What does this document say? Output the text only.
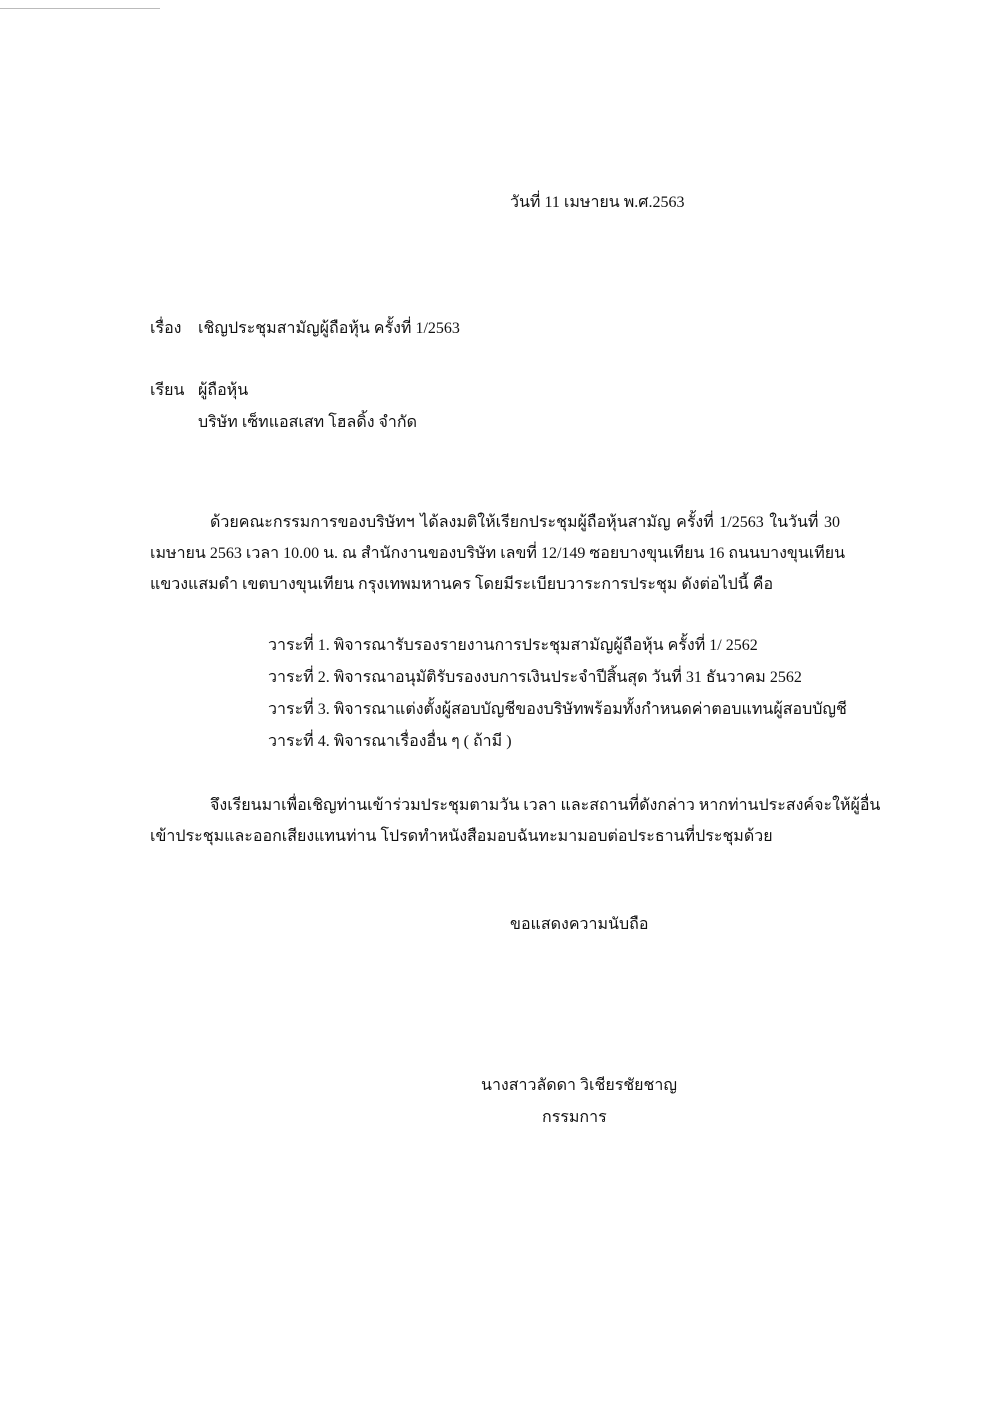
วันที่ 11 เมษายน พ.ศ.2563
เรื่อง เชิญประชุมสามัญผู้ถือหุ้น ครั้งที่ 1/2563
เรียน ผู้ถือหุ้น
บริษัท เซ็ทแอสเสท โฮลดิ้ง จำกัด
ด้วยคณะกรรมการของบริษัทฯ ได้ลงมติให้เรียกประชุมผู้ถือหุ้นสามัญ ครั้งที่ 1/2563 ในวันที่ 30
เมษายน 2563 เวลา 10.00 น. ณ สำนักงานของบริษัท เลขที่ 12/149 ซอยบางขุนเทียน 16 ถนนบางขุนเทียน
แขวงแสมดำ เขตบางขุนเทียน กรุงเทพมหานคร โดยมีระเบียบวาระการประชุม ดังต่อไปนี้ คือ
วาระที่ 1. พิจารณารับรองรายงานการประชุมสามัญผู้ถือหุ้น ครั้งที่ 1/ 2562
วาระที่ 2. พิจารณาอนุมัติรับรองงบการเงินประจำปีสิ้นสุด วันที่ 31 ธันวาคม 2562
วาระที่ 3. พิจารณาแต่งตั้งผู้สอบบัญชีของบริษัทพร้อมทั้งกำหนดค่าตอบแทนผู้สอบบัญชี
วาระที่ 4. พิจารณาเรื่องอื่น ๆ ( ถ้ามี )
จึงเรียนมาเพื่อเชิญท่านเข้าร่วมประชุมตามวัน เวลา และสถานที่ดังกล่าว หากท่านประสงค์จะให้ผู้อื่น
เข้าประชุมและออกเสียงแทนท่าน โปรดทำหนังสือมอบฉันทะมามอบต่อประธานที่ประชุมด้วย
ขอแสดงความนับถือ
นางสาวลัดดา วิเชียรชัยชาญ
กรรมการ
